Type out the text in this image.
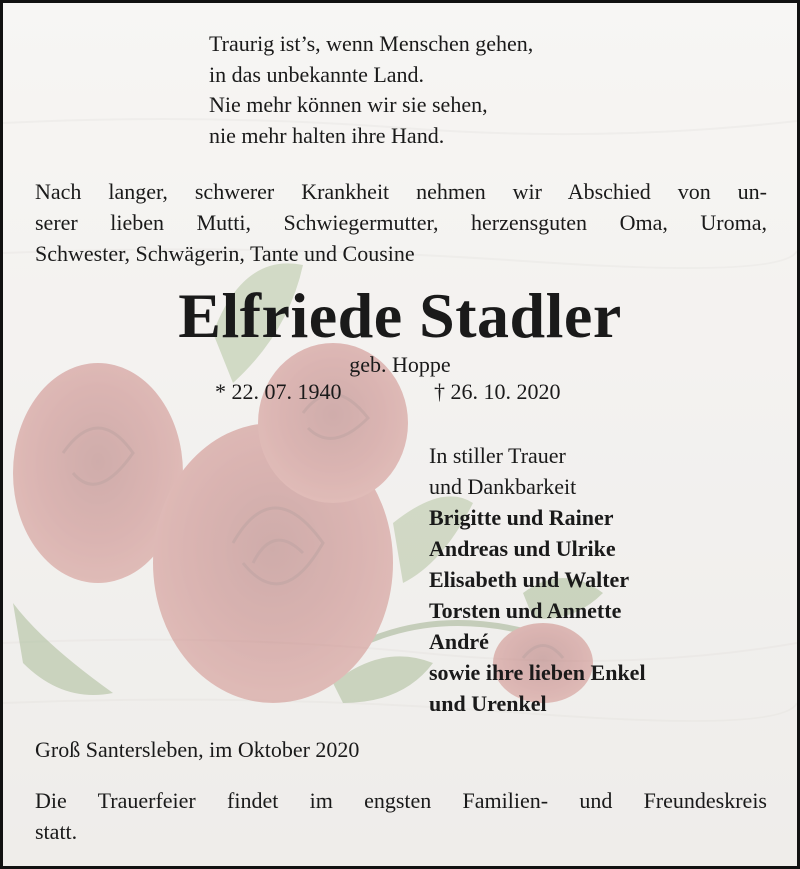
Traurig ist’s, wenn Menschen gehen,
in das unbekannte Land.
Nie mehr können wir sie sehen,
nie mehr halten ihre Hand.
Nach langer, schwerer Krankheit nehmen wir Abschied von un-
serer lieben Mutti, Schwiegermutter, herzensguten Oma, Uroma,
Schwester, Schwägerin, Tante und Cousine
Elfriede Stadler
geb. Hoppe
* 22. 07. 1940	† 26. 10. 2020
In stiller Trauer
und Dankbarkeit
Brigitte und Rainer
Andreas und Ulrike
Elisabeth und Walter
Torsten und Annette
André
sowie ihre lieben Enkel
und Urenkel
Groß Santersleben, im Oktober 2020
Die Trauerfeier findet im engsten Familien- und Freundeskreis
statt.
